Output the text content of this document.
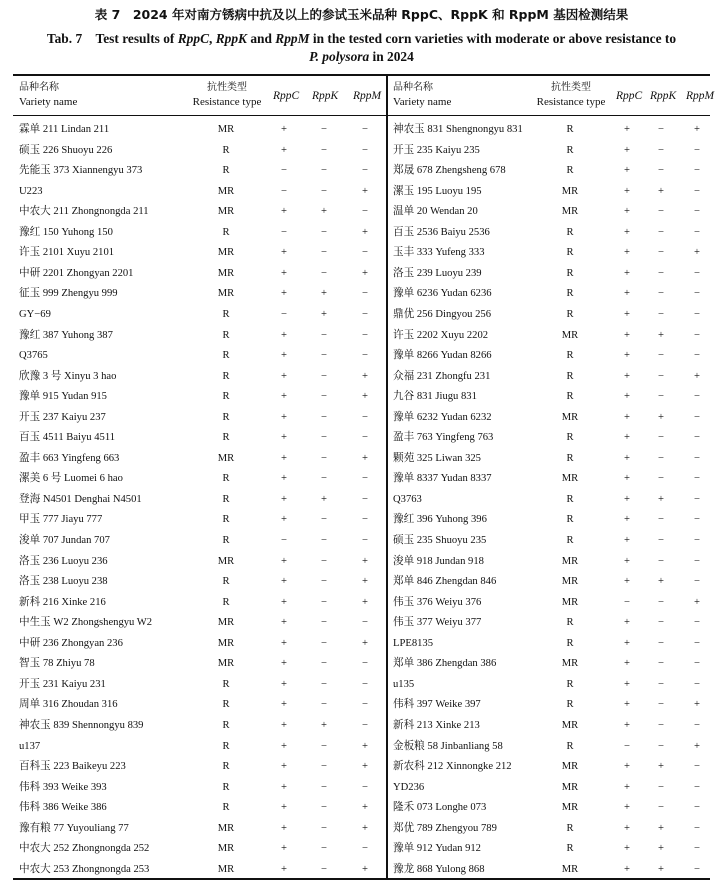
表 7　2024 年对南方锈病中抗及以上的参试玉米品种 RppC、RppK 和 RppM 基因检测结果
Tab. 7　Test results of RppC, RppK and RppM in the tested corn varieties with moderate or above resistance to
P. polysora in 2024
品种名称
Variety name
抗性类型
Resistance type RppC RppK RppM
品种名称
Variety name
抗性类型
Resistance type RppC RppK RppM
霖单 211 Lindan 211	MR	+	−	−
硕玉 226 Shuoyu 226	R	+	−	−
先能玉 373 Xiannengyu 373	R	−	−	−
U223	MR	−	−	+
中农大 211 Zhongnongda 211	MR	+	+	−
豫红 150 Yuhong 150	R	−	−	+
许玉 2101 Xuyu 2101	MR	+	−	−
中研 2201 Zhongyan 2201	MR	+	−	+
征玉 999 Zhengyu 999	MR	+	+	−
GY−69	R	−	+	−
豫红 387 Yuhong 387	R	+	−	−
Q3765	R	+	−	−
欣豫 3 号 Xinyu 3 hao	R	+	−	+
豫单 915 Yudan 915	R	+	−	+
开玉 237 Kaiyu 237	R	+	−	−
百玉 4511 Baiyu 4511	R	+	−	−
盈丰 663 Yingfeng 663	MR	+	−	+
漯美 6 号 Luomei 6 hao	R	+	−	−
登海 N4501 Denghai N4501	R	+	+	−
甲玉 777 Jiayu 777	R	+	−	−
浚单 707 Jundan 707	R	−	−	−
洛玉 236 Luoyu 236	MR	+	−	+
洛玉 238 Luoyu 238	R	+	−	+
新科 216 Xinke 216	R	+	−	+
中生玉 W2 Zhongshengyu W2	MR	+	−	−
中研 236 Zhongyan 236	MR	+	−	+
智玉 78 Zhiyu 78	MR	+	−	−
开玉 231 Kaiyu 231	R	+	−	−
周单 316 Zhoudan 316	R	+	−	−
神农玉 839 Shennongyu 839	R	+	+	−
u137	R	+	−	+
百科玉 223 Baikeyu 223	R	+	−	+
伟科 393 Weike 393	R	+	−	−
伟科 386 Weike 386	R	+	−	+
豫有粮 77 Yuyouliang 77	MR	+	−	+
中农大 252 Zhongnongda 252	MR	+	−	−
中农大 253 Zhongnongda 253	MR	+	−	+
神农玉 831 Shengnongyu 831	R	+	−	+
开玉 235 Kaiyu 235	R	+	−	−
郑晟 678 Zhengsheng 678	R	+	−	−
漯玉 195 Luoyu 195	MR	+	+	−
温单 20 Wendan 20	MR	+	−	−
百玉 2536 Baiyu 2536	R	+	−	−
玉丰 333 Yufeng 333	R	+	−	+
洛玉 239 Luoyu 239	R	+	−	−
豫单 6236 Yudan 6236	R	+	−	−
鼎优 256 Dingyou 256	R	+	−	−
许玉 2202 Xuyu 2202	MR	+	+	−
豫单 8266 Yudan 8266	R	+	−	−
众福 231 Zhongfu 231	R	+	−	+
九谷 831 Jiugu 831	R	+	−	−
豫单 6232 Yudan 6232	MR	+	+	−
盈丰 763 Yingfeng 763	R	+	−	−
颗苑 325 Liwan 325	R	+	−	−
豫单 8337 Yudan 8337	MR	+	−	−
Q3763	R	+	+	−
豫红 396 Yuhong 396	R	+	−	−
硕玉 235 Shuoyu 235	R	+	−	−
浚单 918 Jundan 918	MR	+	−	−
郑单 846 Zhengdan 846	MR	+	+	−
伟玉 376 Weiyu 376	MR	−	−	+
伟玉 377 Weiyu 377	R	+	−	−
LPE8135	R	+	−	−
郑单 386 Zhengdan 386	MR	+	−	−
u135	R	+	−	−
伟科 397 Weike 397	R	+	−	+
新科 213 Xinke 213	MR	+	−	−
金板粮 58 Jinbanliang 58	R	−	−	+
新农科 212 Xinnongke 212	MR	+	+	−
YD236	MR	+	−	−
隆禾 073 Longhe 073	MR	+	−	−
郑优 789 Zhengyou 789	R	+	+	−
豫单 912 Yudan 912	R	+	+	−
豫龙 868 Yulong 868	MR	+	+	−
